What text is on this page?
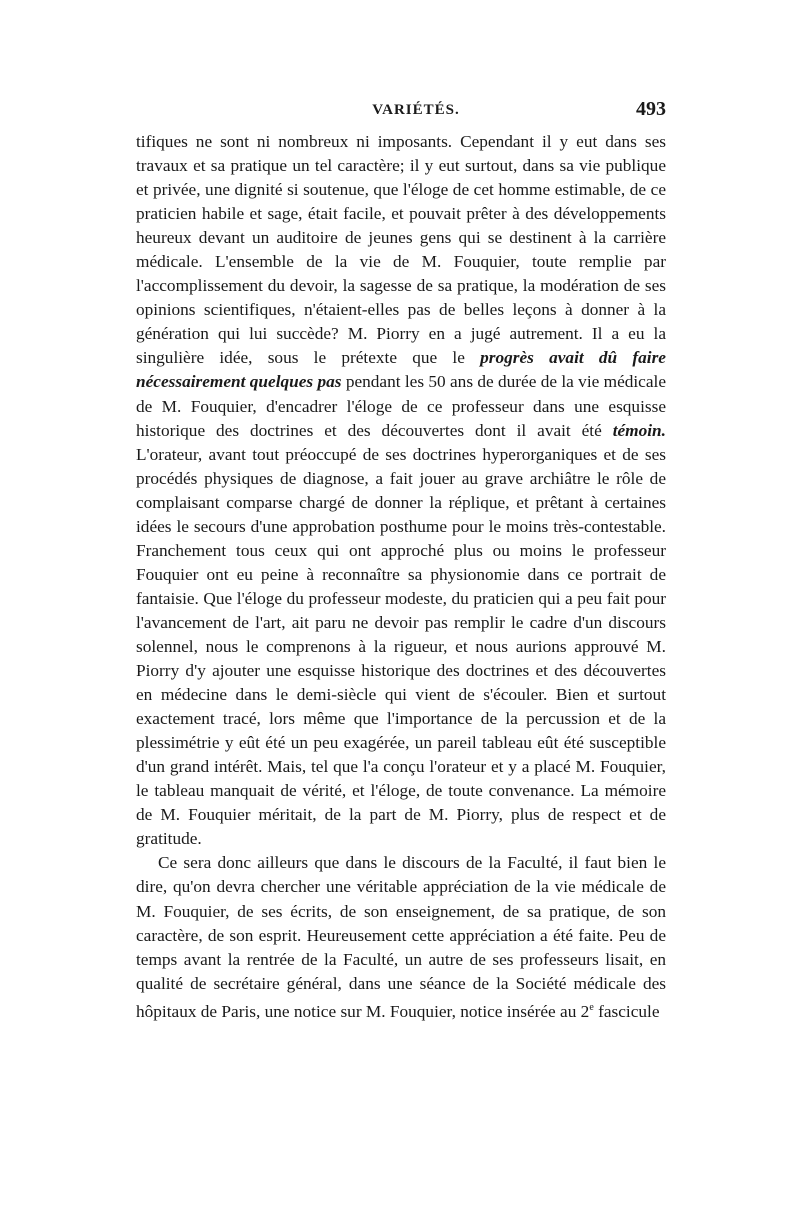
VARIÉTÉS.	493

tifiques ne sont ni nombreux ni imposants. Cependant il y eut dans ses travaux et sa pratique un tel caractère; il y eut surtout, dans sa vie publique et privée, une dignité si soutenue, que l'éloge de cet homme estimable, de ce praticien habile et sage, était facile, et pouvait prêter à des développements heureux devant un auditoire de jeunes gens qui se destinent à la carrière médicale. L'ensemble de la vie de M. Fouquier, toute remplie par l'accomplissement du devoir, la sagesse de sa pratique, la modération de ses opinions scientifiques, n'étaient-elles pas de belles leçons à donner à la génération qui lui succède? M. Piorry en a jugé autrement. Il a eu la singulière idée, sous le prétexte que le progrès avait dû faire nécessairement quelques pas pendant les 50 ans de durée de la vie médicale de M. Fouquier, d'encadrer l'éloge de ce professeur dans une esquisse historique des doctrines et des découvertes dont il avait été témoin. L'orateur, avant tout préoccupé de ses doctrines hyperorganiques et de ses procédés physiques de diagnose, a fait jouer au grave archiâtre le rôle de complaisant comparse chargé de donner la réplique, et prêtant à certaines idées le secours d'une approbation posthume pour le moins très-contestable. Franchement tous ceux qui ont approché plus ou moins le professeur Fouquier ont eu peine à reconnaître sa physionomie dans ce portrait de fantaisie. Que l'éloge du professeur modeste, du praticien qui a peu fait pour l'avancement de l'art, ait paru ne devoir pas remplir le cadre d'un discours solennel, nous le comprenons à la rigueur, et nous aurions approuvé M. Piorry d'y ajouter une esquisse historique des doctrines et des découvertes en médecine dans le demi-siècle qui vient de s'écouler. Bien et surtout exactement tracé, lors même que l'importance de la percussion et de la plessimétrie y eût été un peu exagérée, un pareil tableau eût été susceptible d'un grand intérêt. Mais, tel que l'a conçu l'orateur et y a placé M. Fouquier, le tableau manquait de vérité, et l'éloge, de toute convenance. La mémoire de M. Fouquier méritait, de la part de M. Piorry, plus de respect et de gratitude.

Ce sera donc ailleurs que dans le discours de la Faculté, il faut bien le dire, qu'on devra chercher une véritable appréciation de la vie médicale de M. Fouquier, de ses écrits, de son enseignement, de sa pratique, de son caractère, de son esprit. Heureusement cette appréciation a été faite. Peu de temps avant la rentrée de la Faculté, un autre de ses professeurs lisait, en qualité de secrétaire général, dans une séance de la Société médicale des hôpitaux de Paris, une notice sur M. Fouquier, notice insérée au 2e fascicule
